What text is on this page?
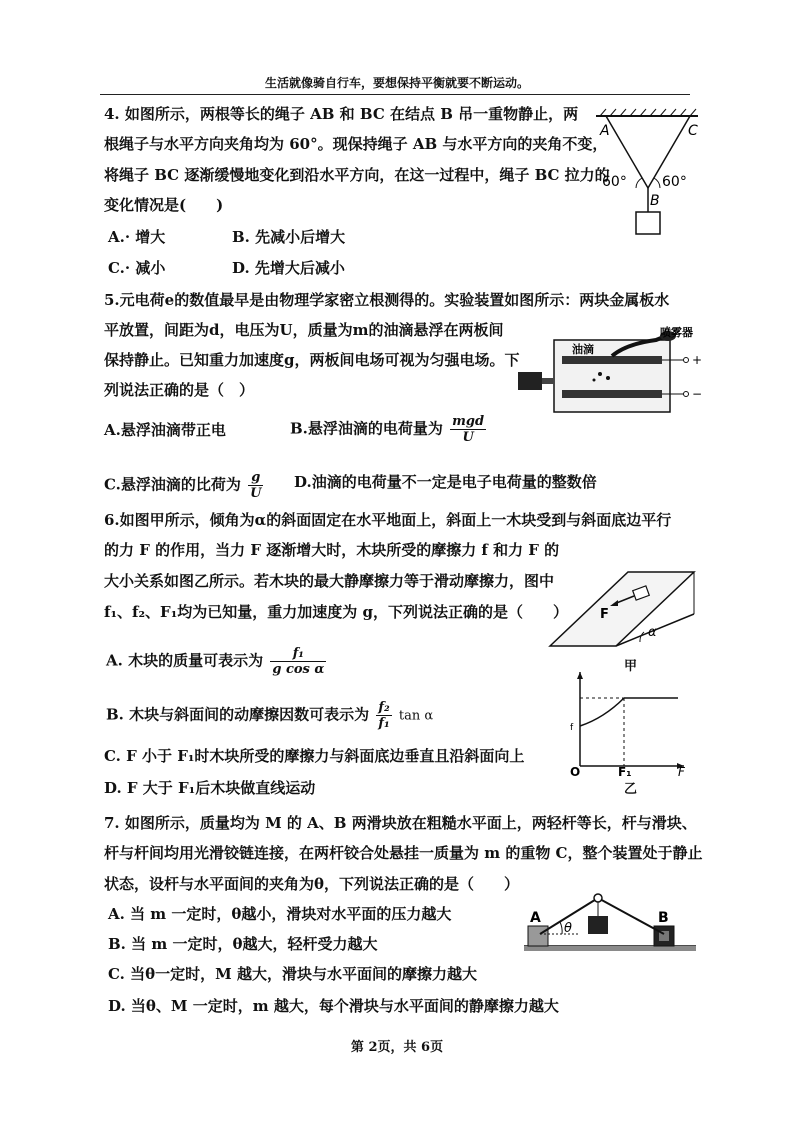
生活就像骑自行车，要想保持平衡就要不断运动。
4. 如图所示，两根等长的绳子 AB 和 BC 在结点 B 吊一重物静止，两
根绳子与水平方向夹角均为 60°。现保持绳子 AB 与水平方向的夹角不变，
将绳子 BC 逐渐缓慢地变化到沿水平方向，在这一过程中，绳子 BC 拉力的
变化情况是(　　)
A.· 增大	B. 先减小后增大
C.· 减小	D. 先增大后减小
A	C
B
60°	60°
5.元电荷e的数值最早是由物理学家密立根测得的。实验装置如图所示：两块金属板水
平放置，间距为d，电压为U，质量为m的油滴悬浮在两板间
保持静止。已知重力加速度g，两板间电场可视为匀强电场。下
列说法正确的是（　）
A.悬浮油滴带正电	B.悬浮油滴的电荷量为 $\frac{\text{mgd}}{U}$
C.悬浮油滴的比荷为 $\frac{g}{U} D$.油滴的电荷量不一定是电子电荷量的整数倍
喷雾器
油滴
+
−
6.如图甲所示，倾角为α的斜面固定在水平地面上，斜面上一木块受到与斜面底边平行
的力 F 的作用，当力 F 逐渐增大时，木块所受的摩擦力 f 和力 F 的
大小关系如图乙所示。若木块的最大静摩擦力等于滑动摩擦力，图中
f₁、f₂、F₁均为已知量，重力加速度为 g，下列说法正确的是（　　）
A. 木块的质量可表示为 $\frac{\text{f₁}}{\text{g cos α}}$
B. 木块与斜面间的动摩擦因数可表示为 $\frac{\text{f₂}}{\text{f₁}}$ tan α
C. F 小于 F₁时木块所受的摩擦力与斜面底边垂直且沿斜面向上
D. F 大于 F₁后木块做直线运动
F
α
甲
O	F
F₁
f
乙
7. 如图所示，质量均为 M 的 A、B 两滑块放在粗糙水平面上，两轻杆等长，杆与滑块、
杆与杆间均用光滑铰链连接，在两杆铰合处悬挂一质量为 m 的重物 C，整个装置处于静止
状态，设杆与水平面间的夹角为θ，下列说法正确的是（　　）
A. 当 m 一定时，θ越小，滑块对水平面的压力越大
B. 当 m 一定时，θ越大，轻杆受力越大
C. 当θ一定时，M 越大，滑块与水平面间的摩擦力越大
D. 当θ、M 一定时，m 越大，每个滑块与水平面间的静摩擦力越大
A	B
θ
第 2页，共 6页
